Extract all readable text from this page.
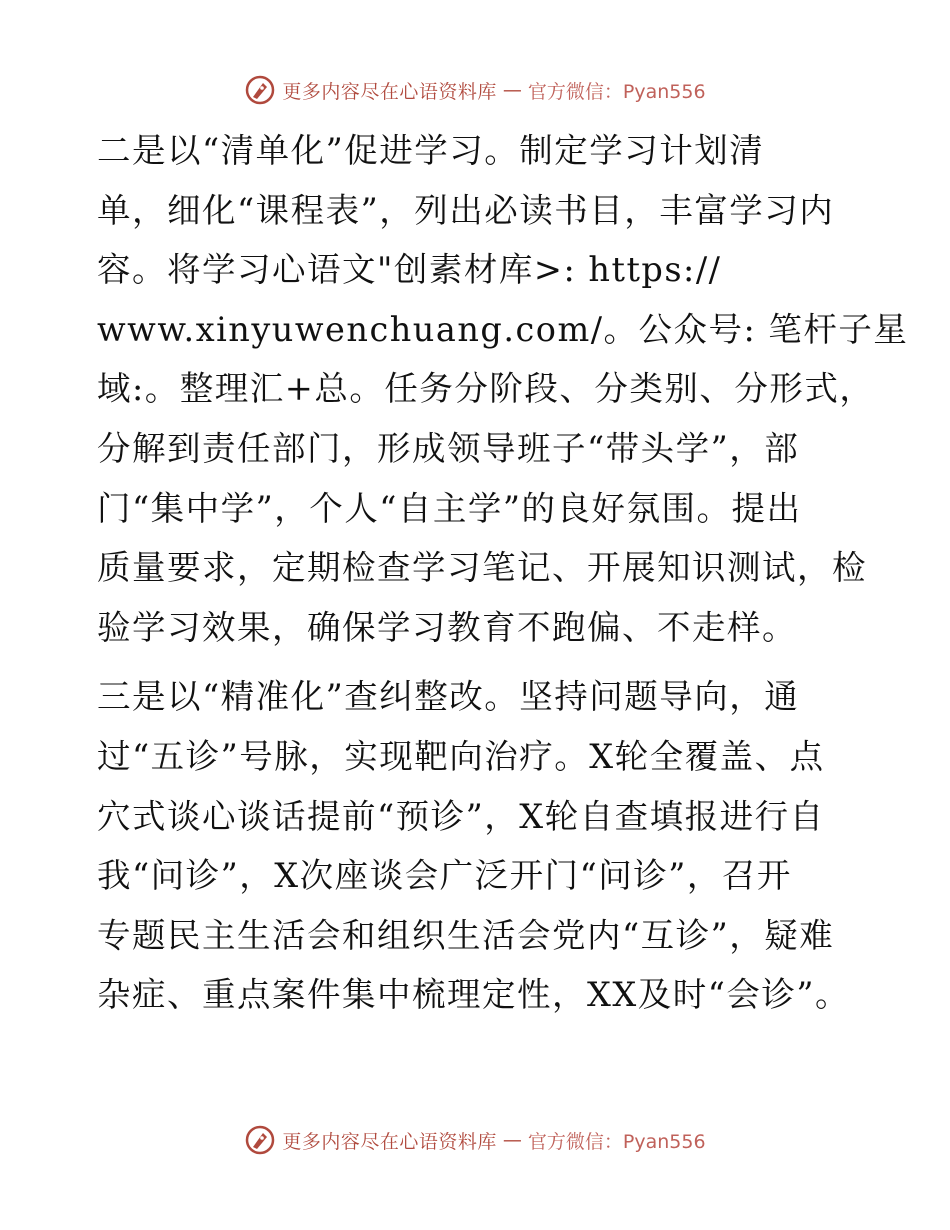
更多内容尽在心语资料库 — 官方微信：Pyan556

二是以“清单化”促进学习。制定学习计划清
单，细化“课程表”，列出必读书目，丰富学习内
容。将学习心语文"创素材库>: https://
www.xinyuwenchuang.com/。公众号: 笔杆子星
域:。整理汇+总。任务分阶段、分类别、分形式，
分解到责任部门，形成领导班子“带头学”，部
门“集中学”，个人“自主学”的良好氛围。提出
质量要求，定期检查学习笔记、开展知识测试，检
验学习效果，确保学习教育不跑偏、不走样。

三是以“精准化”查纠整改。坚持问题导向，通
过“五诊”号脉，实现靶向治疗。X轮全覆盖、点
穴式谈心谈话提前“预诊”，X轮自查填报进行自
我“问诊”，X次座谈会广泛开门“问诊”，召开
专题民主生活会和组织生活会党内“互诊”，疑难
杂症、重点案件集中梳理定性，XX及时“会诊”。

更多内容尽在心语资料库 — 官方微信：Pyan556
